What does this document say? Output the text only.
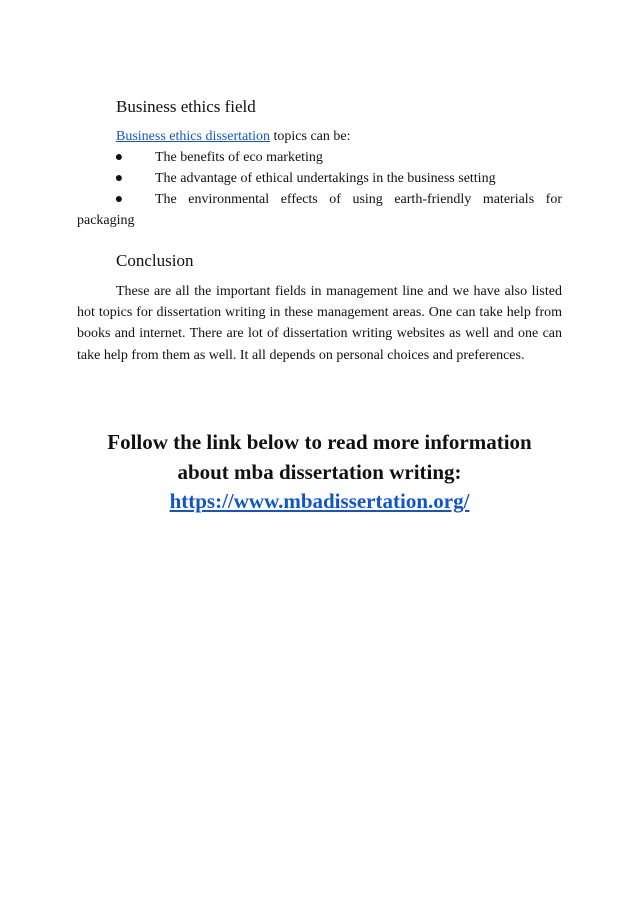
Business ethics field
Business ethics dissertation topics can be:
● The benefits of eco marketing
● The advantage of ethical undertakings in the business setting
● The environmental effects of using earth-friendly materials for
packaging
Conclusion

These are all the important fields in management line and we have also listed hot topics for dissertation writing in these management areas. One can take help from books and internet. There are lot of dissertation writing websites as well and one can take help from them as well. It all depends on personal choices and preferences.

Follow the link below to read more information
about mba dissertation writing:
https://www.mbadissertation.org/
